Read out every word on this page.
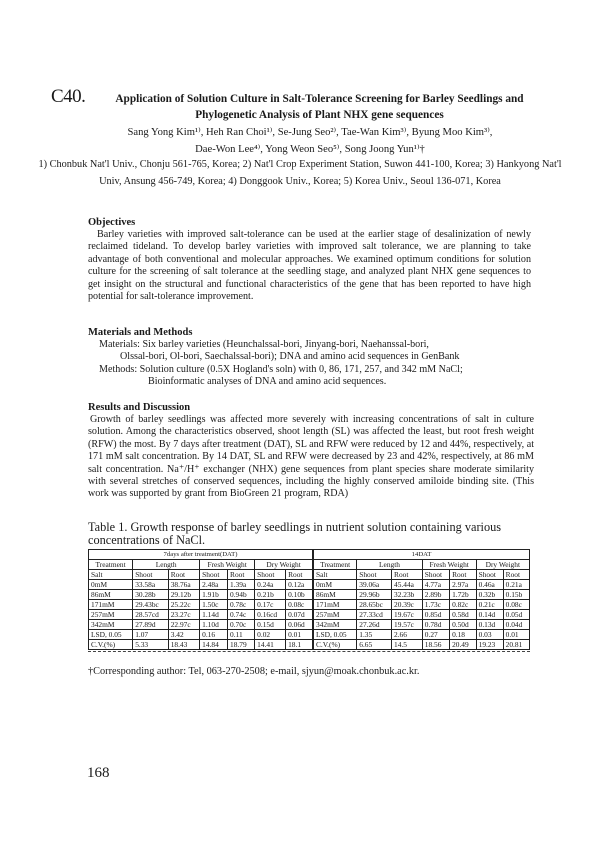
C40.	Application of Solution Culture in Salt-Tolerance Screening for Barley Seedlings and Phylogenetic Analysis of Plant NHX gene sequences
Sang Yong Kim¹⁾, Heh Ran Choi¹⁾, Se-Jung Seo²⁾, Tae-Wan Kim³⁾, Byung Moo Kim³⁾,
Dae-Won Lee⁴⁾, Yong Weon Seo⁵⁾, Song Joong Yun¹⁾†
1) Chonbuk Nat'l Univ., Chonju 561-765, Korea; 2) Nat'l Crop Experiment Station, Suwon 441-100, Korea; 3) Hankyong Nat'l Univ, Ansung 456-749, Korea; 4) Donggook Univ., Korea; 5) Korea Univ., Seoul 136-071, Korea
Objectives
Barley varieties with improved salt-tolerance can be used at the earlier stage of desalinization of newly reclaimed tideland. To develop barley varieties with improved salt tolerance, we are planning to take advantage of both conventional and molecular approaches. We examined optimum conditions for solution culture for the screening of salt tolerance at the seedling stage, and analyzed plant NHX gene sequences to get insight on the structural and functional characteristics of the gene that has been reported to have high potential for salt-tolerance improvement.
Materials and Methods
Materials: Six barley varieties (Heunchalssal-bori, Jinyang-bori, Naehanssal-bori,
Olssal-bori, Ol-bori, Saechalssal-bori); DNA and amino acid sequences in GenBank
Methods: Solution culture (0.5X Hogland's soln) with 0, 86, 171, 257, and 342 mM NaCl;
Bioinformatic analyses of DNA and amino acid sequences.
Results and Discussion
Growth of barley seedlings was affected more severely with increasing concentrations of salt in culture solution. Among the characteristics observed, shoot length (SL) was affected the least, but root fresh weight (RFW) the most. By 7 days after treatment (DAT), SL and RFW were reduced by 12 and 44%, respectively, at 171 mM salt concentration. By 14 DAT, SL and RFW were decreased by 23 and 42%, respectively, at 86 mM salt concentration. Na⁺/H⁺ exchanger (NHX) gene sequences from plant species share moderate similarity with several stretches of conserved sequences, including the highly conserved amiloide binding site. (This work was supported by grant from BioGreen 21 program, RDA)
Table 1. Growth response of barley seedlings in nutrient solution containing various concentrations of NaCl.
7days after treatment(DAT)						
Treatment	Length		Fresh Weight		Dry Weight	
Salt	Shoot	Root	Shoot	Root	Shoot	Root
0mM	33.58a	38.76a	2.48a	1.39a	0.24a	0.12a
86mM	30.28b	29.12b	1.91b	0.94b	0.21b	0.10b
171mM	29.43bc	25.22c	1.50c	0.78c	0.17c	0.08c
257mM	28.57cd	23.27c	1.14d	0.74c	0.16cd	0.07d
342mM	27.89d	22.97c	1.10d	0.70c	0.15d	0.06d
LSD, 0.05	1.07	3.42	0.16	0.11	0.02	0.01
C.V.(%)	5.33	18.43	14.84	18.79	14.41	18.1
14DAT						
Treatment	Length		Fresh Weight		Dry Weight	
Salt	Shoot	Root	Shoot	Root	Shoot	Root
0mM	39.06a	45.44a	4.77a	2.97a	0.46a	0.21a
86mM	29.96b	32.23b	2.89b	1.72b	0.32b	0.15b
171mM	28.65bc	20.39c	1.73c	0.82c	0.21c	0.08c
257mM	27.33cd	19.67c	0.85d	0.58d	0.14d	0.05d
342mM	27.26d	19.57c	0.78d	0.50d	0.13d	0.04d
LSD, 0.05	1.35	2.66	0.27	0.18	0.03	0.01
C.V.(%)	6.65	14.5	18.56	20.49	19.23	20.81
†Corresponding author: Tel, 063-270-2508; e-mail, sjyun@moak.chonbuk.ac.kr.
168
